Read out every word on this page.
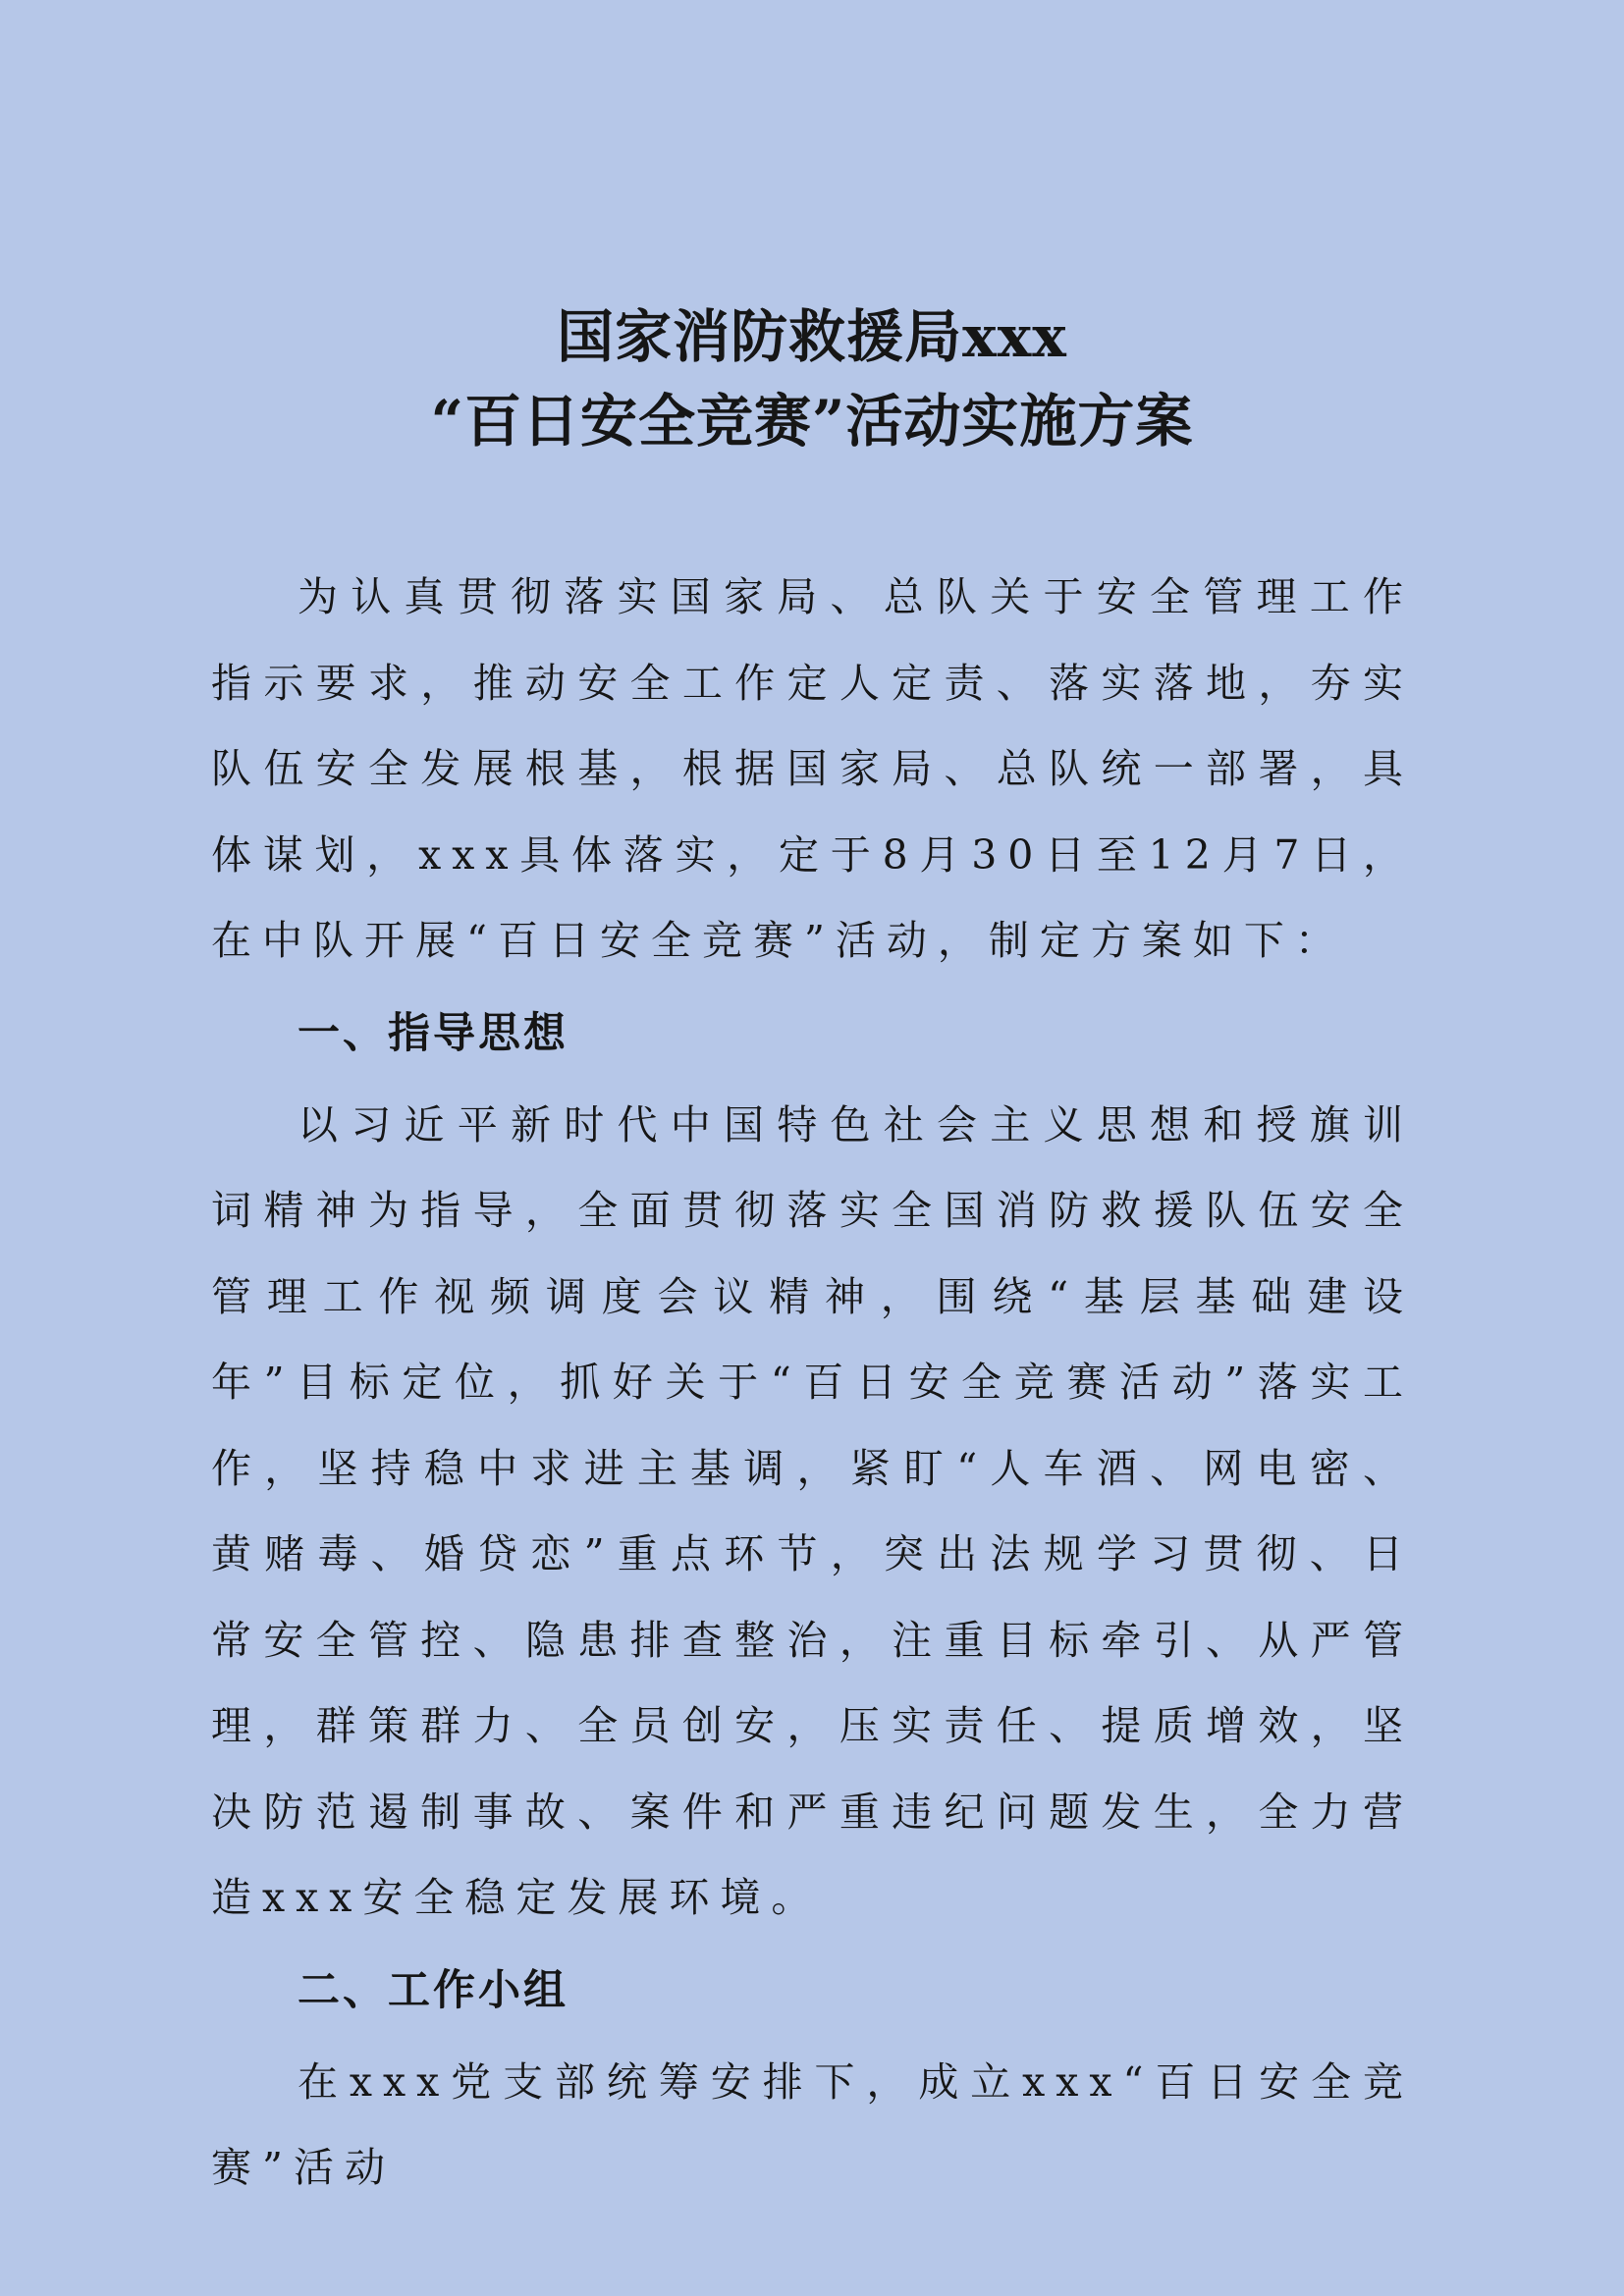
国家消防救援局xxx
“百日安全竞赛”活动实施方案

为认真贯彻落实国家局、总队关于安全管理工作指示要求，推动安全工作定人定责、落实落地，夯实队伍安全发展根基，根据国家局、总队统一部署，具体谋划，xxx具体落实，定于8月30日至12月7日，在中队开展“百日安全竞赛”活动，制定方案如下：

一、指导思想

以习近平新时代中国特色社会主义思想和授旗训词精神为指导，全面贯彻落实全国消防救援队伍安全管理工作视频调度会议精神，围绕“基层基础建设年”目标定位，抓好关于“百日安全竞赛活动”落实工作，坚持稳中求进主基调，紧盯“人车酒、网电密、黄赌毒、婚贷恋”重点环节，突出法规学习贯彻、日常安全管控、隐患排查整治，注重目标牵引、从严管理，群策群力、全员创安，压实责任、提质增效，坚决防范遏制事故、案件和严重违纪问题发生，全力营造xxx安全稳定发展环境。

二、工作小组

在xxx党支部统筹安排下，成立xxx“百日安全竞赛”活动
